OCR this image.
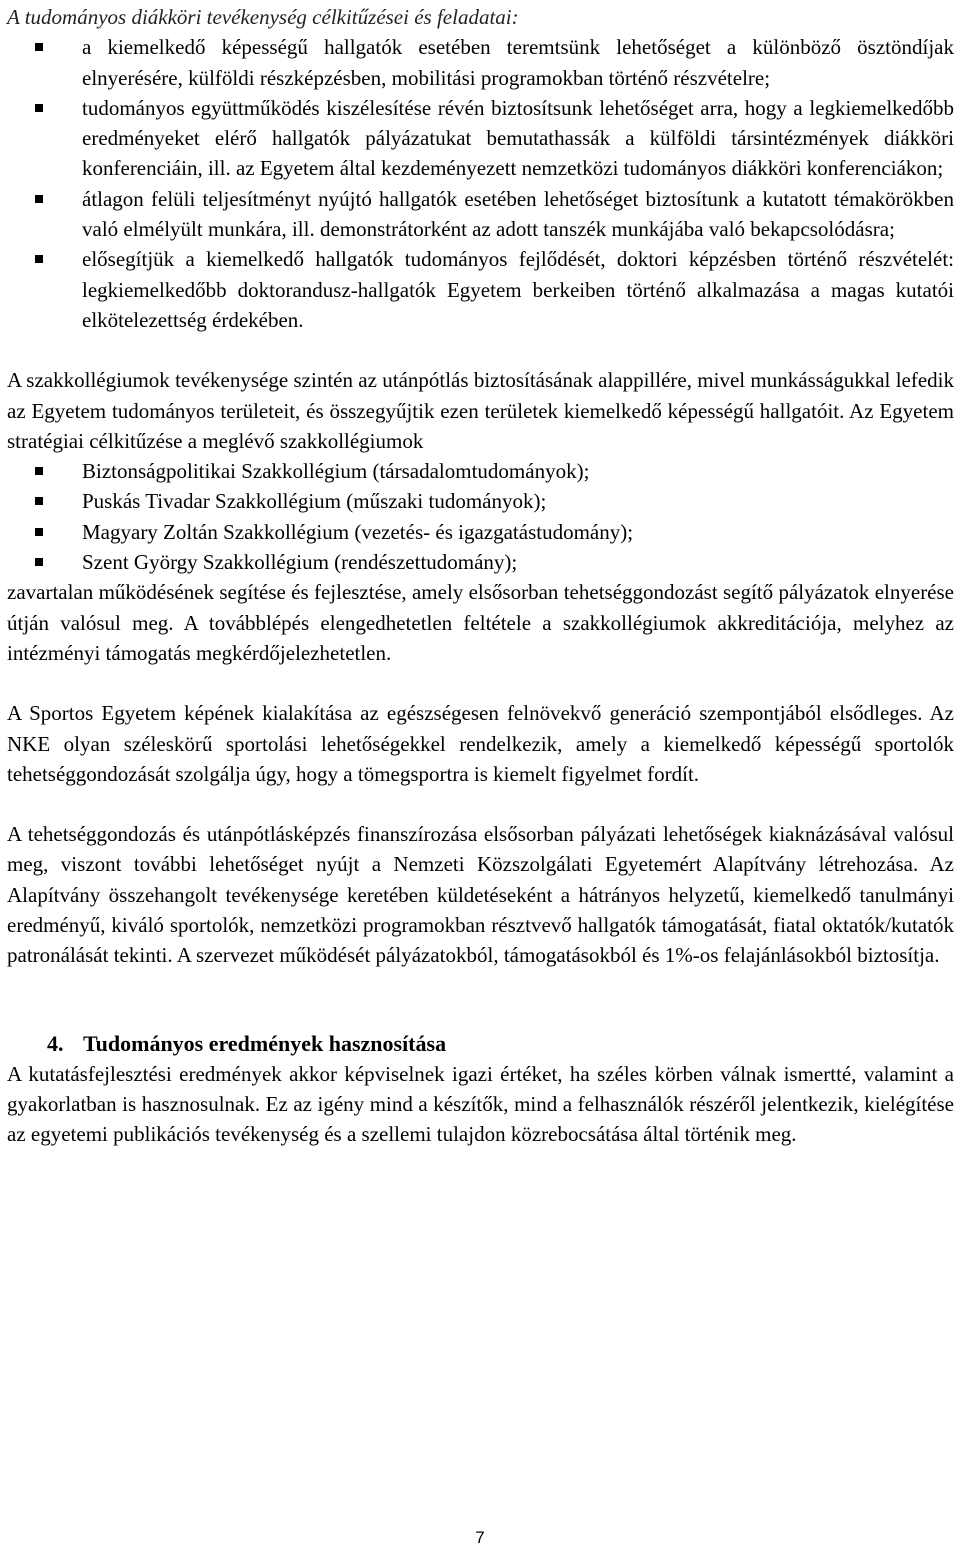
A tudományos diákköri tevékenység célkitűzései és feladatai:

a kiemelkedő képességű hallgatók esetében teremtsünk lehetőséget a különböző ösztöndíjak elnyerésére, külföldi részképzésben, mobilitási programokban történő részvételre;
tudományos együttműködés kiszélesítése révén biztosítsunk lehetőséget arra, hogy a legkiemelkedőbb eredményeket elérő hallgatók pályázatukat bemutathassák a külföldi társintézmények diákköri konferenciáin, ill. az Egyetem által kezdeményezett nemzetközi tudományos diákköri konferenciákon;
átlagon felüli teljesítményt nyújtó hallgatók esetében lehetőséget biztosítunk a kutatott témakörökben való elmélyült munkára, ill. demonstrátorként az adott tanszék munkájába való bekapcsolódásra;
elősegítjük a kiemelkedő hallgatók tudományos fejlődését, doktori képzésben történő részvételét: legkiemelkedőbb doktorandusz-hallgatók Egyetem berkeiben történő alkalmazása a magas kutatói elkötelezettség érdekében.

A szakkollégiumok tevékenysége szintén az utánpótlás biztosításának alappillére, mivel munkásságukkal lefedik az Egyetem tudományos területeit, és összegyűjtik ezen területek kiemelkedő képességű hallgatóit. Az Egyetem stratégiai célkitűzése a meglévő szakkollégiumok

Biztonságpolitikai Szakkollégium (társadalomtudományok);
Puskás Tivadar Szakkollégium (műszaki tudományok);
Magyary Zoltán Szakkollégium (vezetés- és igazgatástudomány);
Szent György Szakkollégium (rendészettudomány);

zavartalan működésének segítése és fejlesztése, amely elsősorban tehetséggondozást segítő pályázatok elnyerése útján valósul meg. A továbblépés elengedhetetlen feltétele a szakkollégiumok akkreditációja, melyhez az intézményi támogatás megkérdőjelezhetetlen.

A Sportos Egyetem képének kialakítása az egészségesen felnövekvő generáció szempontjából elsődleges. Az NKE olyan széleskörű sportolási lehetőségekkel rendelkezik, amely a kiemelkedő képességű sportolók tehetséggondozását szolgálja úgy, hogy a tömegsportra is kiemelt figyelmet fordít.

A tehetséggondozás és utánpótlásképzés finanszírozása elsősorban pályázati lehetőségek kiaknázásával valósul meg, viszont további lehetőséget nyújt a Nemzeti Közszolgálati Egyetemért Alapítvány létrehozása. Az Alapítvány összehangolt tevékenysége keretében küldetéseként a hátrányos helyzetű, kiemelkedő tanulmányi eredményű, kiváló sportolók, nemzetközi programokban résztvevő hallgatók támogatását, fiatal oktatók/kutatók patronálását tekinti. A szervezet működését pályázatokból, támogatásokból és 1%-os felajánlásokból biztosítja.

4. Tudományos eredmények hasznosítása

A kutatásfejlesztési eredmények akkor képviselnek igazi értéket, ha széles körben válnak ismertté, valamint a gyakorlatban is hasznosulnak. Ez az igény mind a készítők, mind a felhasználók részéről jelentkezik, kielégítése az egyetemi publikációs tevékenység és a szellemi tulajdon közrebocsátása által történik meg.

7
